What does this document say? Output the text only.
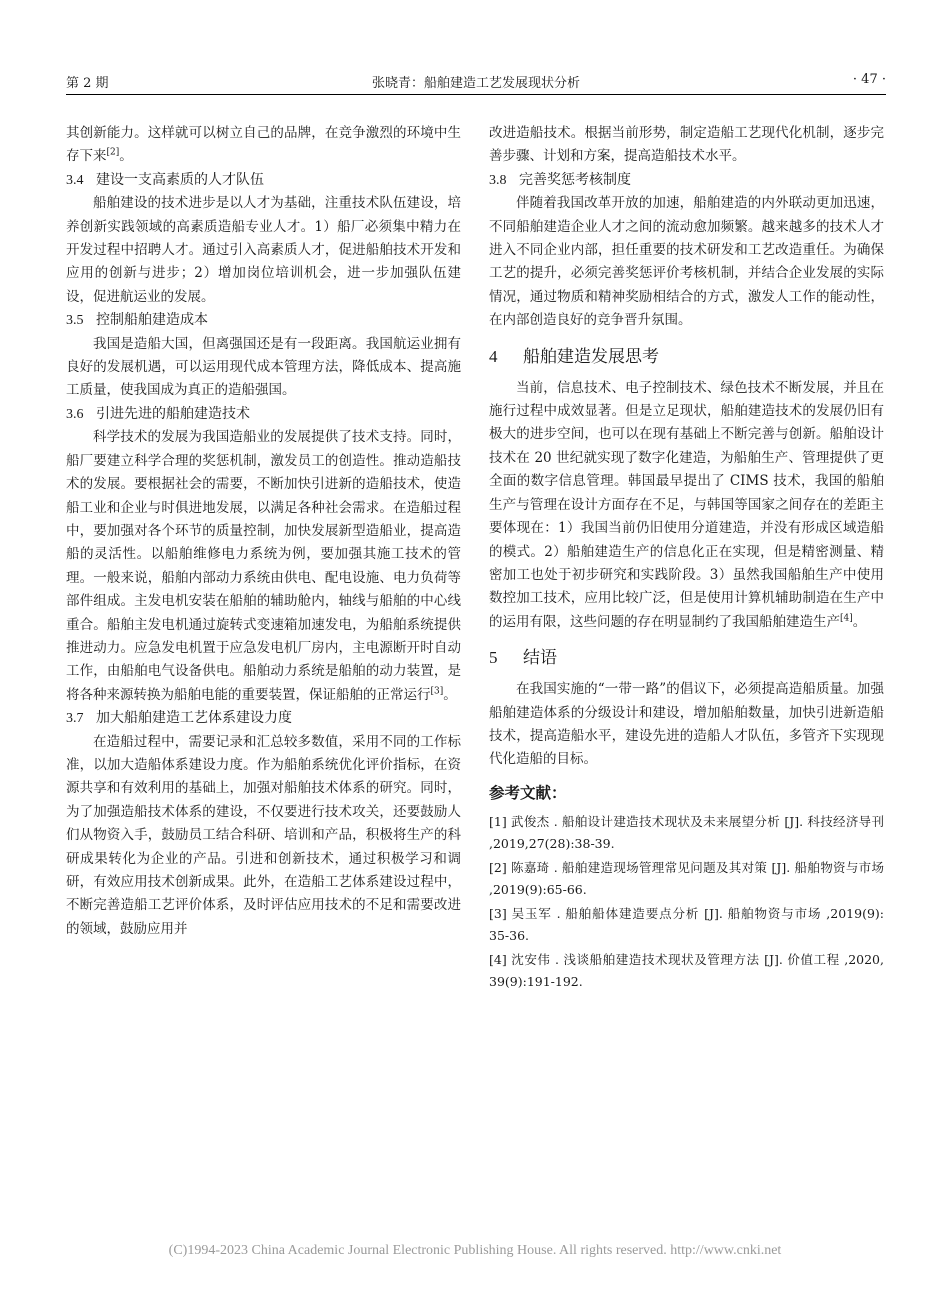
第 2 期	张晓青：船舶建造工艺发展现状分析	· 47 ·

其创新能力。这样就可以树立自己的品牌，在竞争激烈的环境中生存下来[2]。

3.4 建设一支高素质的人才队伍

船舶建设的技术进步是以人才为基础，注重技术队伍建设，培养创新实践领域的高素质造船专业人才。1）船厂必须集中精力在开发过程中招聘人才。通过引入高素质人才，促进船舶技术开发和应用的创新与进步；2）增加岗位培训机会，进一步加强队伍建设，促进航运业的发展。

3.5 控制船舶建造成本

我国是造船大国，但离强国还是有一段距离。我国航运业拥有良好的发展机遇，可以运用现代成本管理方法，降低成本、提高施工质量，使我国成为真正的造船强国。

3.6 引进先进的船舶建造技术

科学技术的发展为我国造船业的发展提供了技术支持。同时，船厂要建立科学合理的奖惩机制，激发员工的创造性。推动造船技术的发展。要根据社会的需要，不断加快引进新的造船技术，使造船工业和企业与时俱进地发展，以满足各种社会需求。在造船过程中，要加强对各个环节的质量控制，加快发展新型造船业，提高造船的灵活性。以船舶维修电力系统为例，要加强其施工技术的管理。一般来说，船舶内部动力系统由供电、配电设施、电力负荷等部件组成。主发电机安装在船舶的辅助舱内，轴线与船舶的中心线重合。船舶主发电机通过旋转式变速箱加速发电，为船舶系统提供推进动力。应急发电机置于应急发电机厂房内，主电源断开时自动工作，由船舶电气设备供电。船舶动力系统是船舶的动力装置，是将各种来源转换为船舶电能的重要装置，保证船舶的正常运行[3]。

3.7 加大船舶建造工艺体系建设力度

在造船过程中，需要记录和汇总较多数值，采用不同的工作标准，以加大造船体系建设力度。作为船舶系统优化评价指标，在资源共享和有效利用的基础上，加强对船舶技术体系的研究。同时，为了加强造船技术体系的建设，不仅要进行技术攻关，还要鼓励人们从物资入手，鼓励员工结合科研、培训和产品，积极将生产的科研成果转化为企业的产品。引进和创新技术，通过积极学习和调研，有效应用技术创新成果。此外，在造船工艺体系建设过程中，不断完善造船工艺评价体系，及时评估应用技术的不足和需要改进的领域，鼓励应用并

改进造船技术。根据当前形势，制定造船工艺现代化机制，逐步完善步骤、计划和方案，提高造船技术水平。

3.8 完善奖惩考核制度

伴随着我国改革开放的加速，船舶建造的内外联动更加迅速，不同船舶建造企业人才之间的流动愈加频繁。越来越多的技术人才进入不同企业内部，担任重要的技术研发和工艺改造重任。为确保工艺的提升，必须完善奖惩评价考核机制，并结合企业发展的实际情况，通过物质和精神奖励相结合的方式，激发人工作的能动性，在内部创造良好的竞争晋升氛围。

4 船舶建造发展思考

当前，信息技术、电子控制技术、绿色技术不断发展，并且在施行过程中成效显著。但是立足现状，船舶建造技术的发展仍旧有极大的进步空间，也可以在现有基础上不断完善与创新。船舶设计技术在 20 世纪就实现了数字化建造，为船舶生产、管理提供了更全面的数字信息管理。韩国最早提出了 CIMS 技术，我国的船舶生产与管理在设计方面存在不足，与韩国等国家之间存在的差距主要体现在：1）我国当前仍旧使用分道建造，并没有形成区域造船的模式。2）船舶建造生产的信息化正在实现，但是精密测量、精密加工也处于初步研究和实践阶段。3）虽然我国船舶生产中使用数控加工技术，应用比较广泛，但是使用计算机辅助制造在生产中的运用有限，这些问题的存在明显制约了我国船舶建造生产[4]。

5 结语

在我国实施的“一带一路”的倡议下，必须提高造船质量。加强船舶建造体系的分级设计和建设，增加船舶数量，加快引进新造船技术，提高造船水平，建设先进的造船人才队伍，多管齐下实现现代化造船的目标。

参考文献：

[1] 武俊杰 . 船舶设计建造技术现状及未来展望分析 [J]. 科技经济导刊 ,2019,27(28):38-39.

[2] 陈嘉琦 . 船舶建造现场管理常见问题及其对策 [J]. 船舶物资与市场 ,2019(9):65-66.

[3] 吴玉军 . 船舶船体建造要点分析 [J]. 船舶物资与市场 ,2019(9): 35-36.

[4] 沈安伟 . 浅谈船舶建造技术现状及管理方法 [J]. 价值工程 ,2020, 39(9):191-192.

(C)1994-2023 China Academic Journal Electronic Publishing House. All rights reserved. http://www.cnki.net
